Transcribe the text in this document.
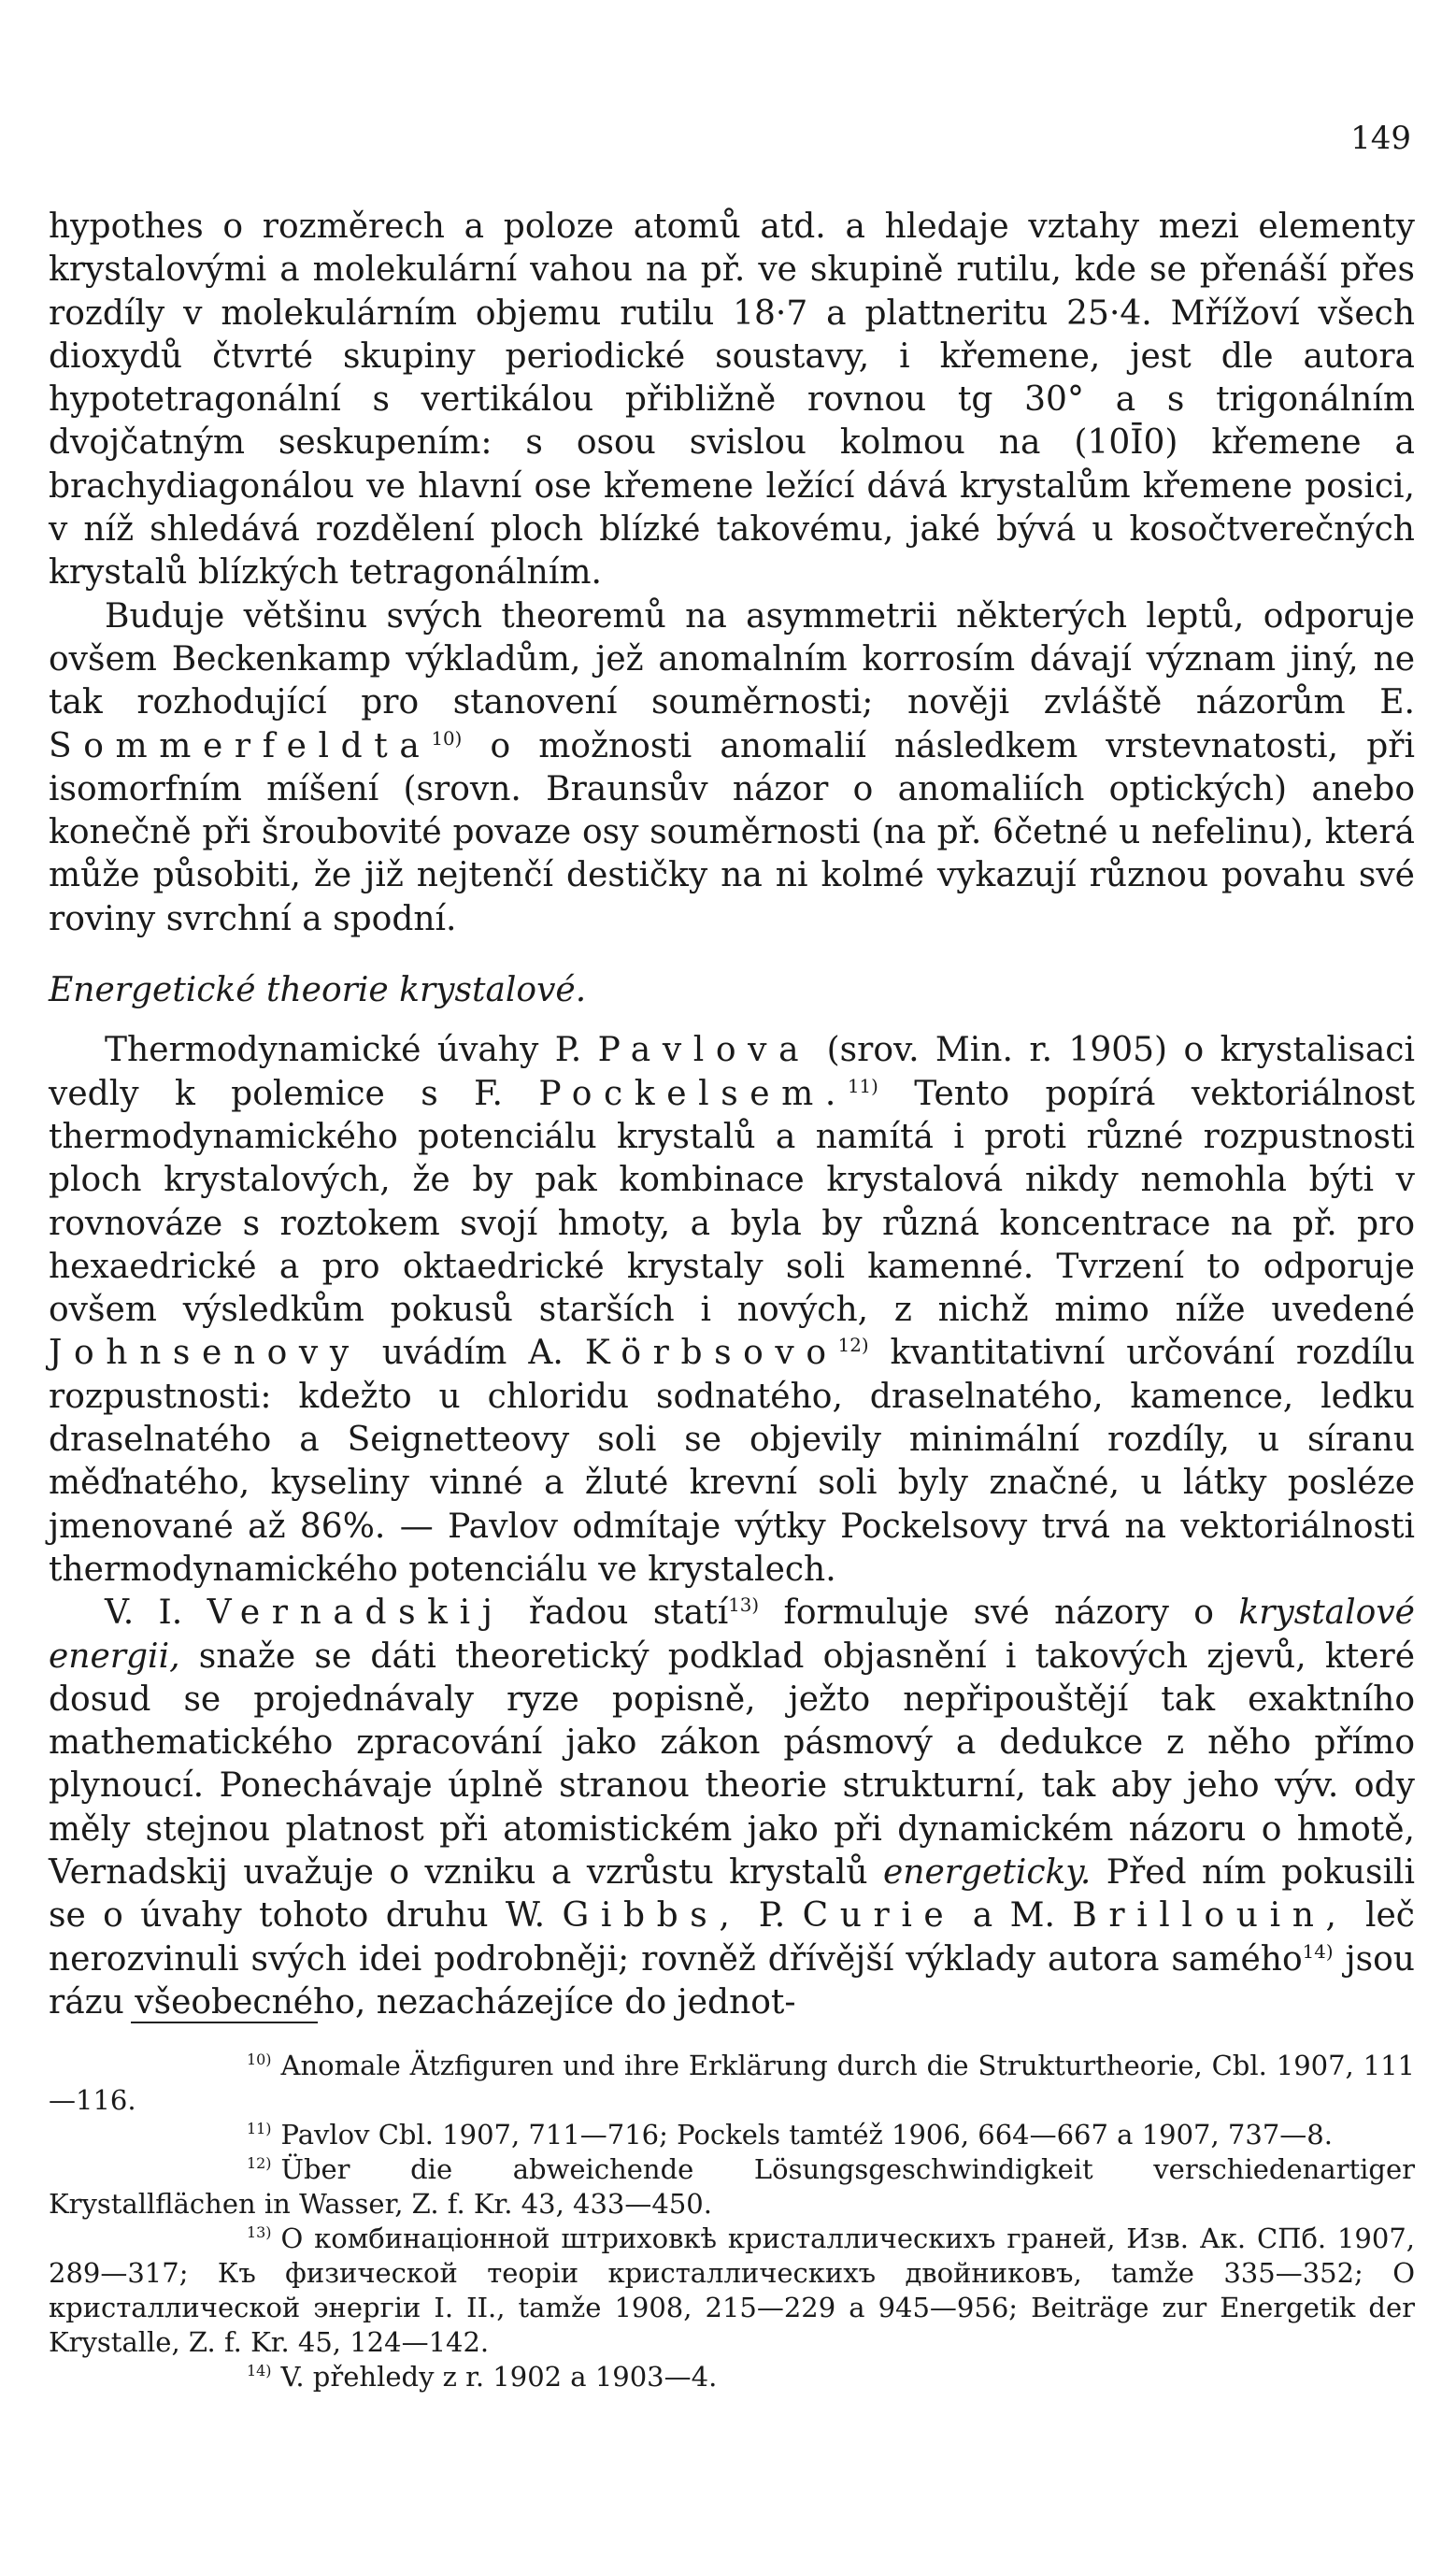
149

hypothes o rozměrech a poloze atomů atd. a hledaje vztahy mezi elementy krystalovými a molekulární vahou na př. ve skupině rutilu, kde se přenáší přes rozdíly v molekulárním objemu rutilu 18·7 a plattneritu 25·4. Mřížoví všech dioxydů čtvrté skupiny periodické soustavy, i křemene, jest dle autora hypotetragonální s vertikálou přibližně rovnou tg 30° a s trigonálním dvojčatným seskupením: s osou svislou kolmou na (10Ī0) křemene a brachydiagonálou ve hlavní ose křemene ležící dává krystalům křemene posici, v níž shledává rozdělení ploch blízké takovému, jaké bývá u kosočtverečných krystalů blízkých tetragonálním.

Buduje většinu svých theoremů na asymmetrii některých leptů, odporuje ovšem Beckenkamp výkladům, jež anomalním korrosím dávají význam jiný, ne tak rozhodující pro stanovení souměrnosti; nověji zvláště názorům E. Sommerfeldta$^{10)}$ o možnosti anomalií následkem vrstevnatosti, při isomorfním míšení (srovn. Braunsův názor o anomaliích optických) anebo konečně při šroubovité povaze osy souměrnosti (na př. 6četné u nefelinu), která může působiti, že již nejtenčí destičky na ni kolmé vykazují různou povahu své roviny svrchní a spodní.

Energetické theorie krystalové.

Thermodynamické úvahy P. Pavlova (srov. Min. r. 1905) o krystalisaci vedly k polemice s F. Pockelsem.$^{11)}$ Tento popírá vektoriálnost thermodynamického potenciálu krystalů a namítá i proti různé rozpustnosti ploch krystalových, že by pak kombinace krystalová nikdy nemohla býti v rovnováze s roztokem svojí hmoty, a byla by různá koncentrace na př. pro hexaedrické a pro oktaedrické krystaly soli kamenné. Tvrzení to odporuje ovšem výsledkům pokusů starších i nových, z nichž mimo níže uvedené Johnsenovy uvádím A. Körbsovo$^{12)}$ kvantitativní určování rozdílu rozpustnosti: kdežto u chloridu sodnatého, draselnatého, kamence, ledku draselnatého a Seignetteovy soli se objevily minimální rozdíly, u síranu měďnatého, kyseliny vinné a žluté krevní soli byly značné, u látky posléze jmenované až 86%. — Pavlov odmítaje výtky Pockelsovy trvá na vektoriálnosti thermodynamického potenciálu ve krystalech.

V. I. Vernadskij řadou statí$^{13)}$ formuluje své názory o krystalové energii, snaže se dáti theoretický podklad objasnění i takových zjevů, které dosud se projednávaly ryze popisně, ježto nepřipouštějí tak exaktního mathematického zpracování jako zákon pásmový a dedukce z něho přímo plynoucí. Ponechávaje úplně stranou theorie strukturní, tak aby jeho výv. ody měly stejnou platnost při atomistickém jako při dynamickém názoru o hmotě, Vernadskij uvažuje o vzniku a vzrůstu krystalů energeticky. Před ním pokusili se o úvahy tohoto druhu W. Gibbs, P. Curie a M. Brillouin, leč nerozvinuli svých idei podrobněji; rovněž dřívější výklady autora samého$^{14)}$ jsou rázu všeobecného, nezacházejíce do jednot-

$^{10)}$ Anomale Ätzfiguren und ihre Erklärung durch die Strukturtheorie, Cbl. 1907, 111—116.

$^{11)}$ Pavlov Cbl. 1907, 711—716; Pockels tamtéž 1906, 664—667 a 1907, 737—8.

$^{12)}$ Über die abweichende Lösungsgeschwindigkeit verschiedenartiger Krystallflächen in Wasser, Z. f. Kr. 43, 433—450.

$^{13)}$ О комбинаціонной штриховкѣ кристаллическихъ граней, Изв. Ак. СПб. 1907, 289—317; Къ физической теоріи кристаллическихъ двойниковъ, tamže 335—352; О кристаллической энергіи I. II., tamže 1908, 215—229 a 945—956; Beiträge zur Energetik der Krystalle, Z. f. Kr. 45, 124—142.

$^{14)}$ V. přehledy z r. 1902 a 1903—4.
